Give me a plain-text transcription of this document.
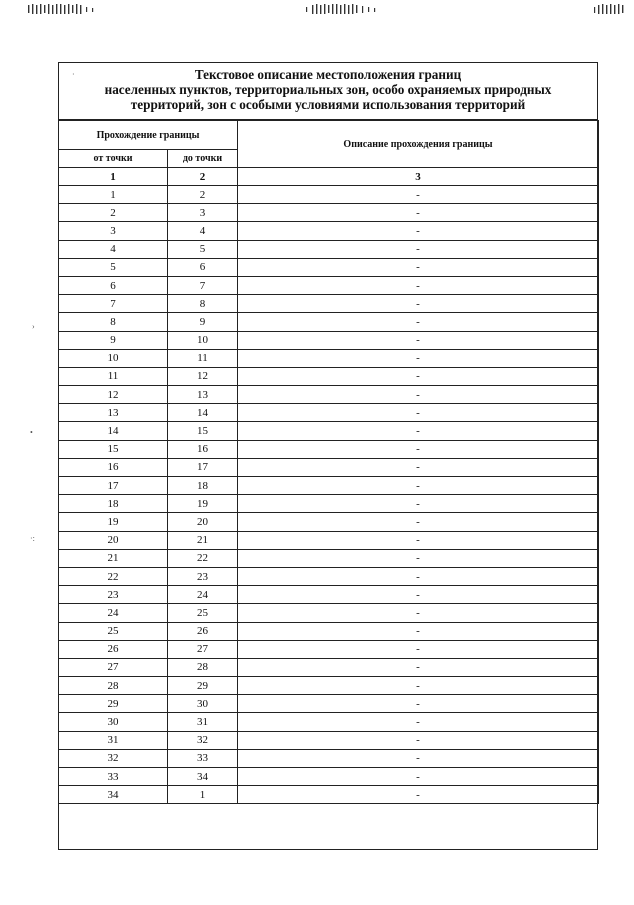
·
›
•
·:
Текстовое описание местоположения границ
населенных пунктов, территориальных зон, особо охраняемых природных
территорий, зон с особыми условиями использования территорий
Прохождение границы		Описание прохождения границы
от точки	до точки	
1	2	3
1	2	-
2	3	-
3	4	-
4	5	-
5	6	-
6	7	-
7	8	-
8	9	-
9	10	-
10	11	-
11	12	-
12	13	-
13	14	-
14	15	-
15	16	-
16	17	-
17	18	-
18	19	-
19	20	-
20	21	-
21	22	-
22	23	-
23	24	-
24	25	-
25	26	-
26	27	-
27	28	-
28	29	-
29	30	-
30	31	-
31	32	-
32	33	-
33	34	-
34	1	-
